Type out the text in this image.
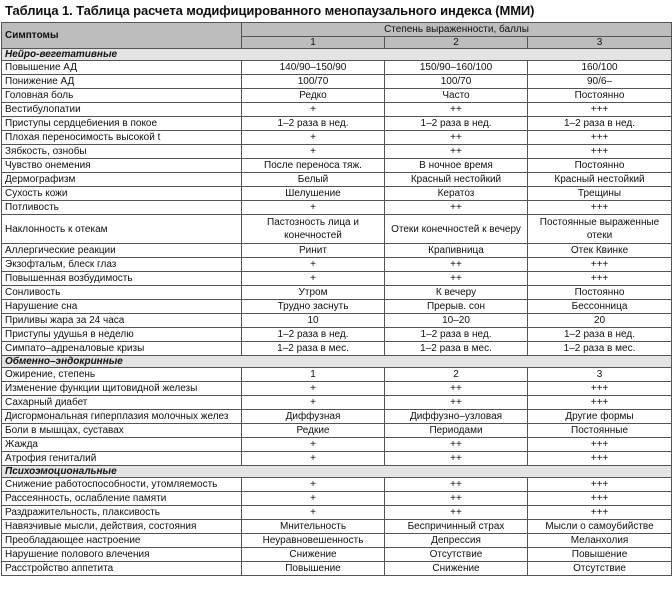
Таблица 1. Таблица расчета модифицированного менопаузального индекса (ММИ)
Симптомы	Степень выраженности, баллы		
	1	2	3
Нейро-вегетативные			
Повышение АД	140/90–150/90	150/90–160/100	160/100
Понижение АД	100/70	100/70	90/6–
Головная боль	Редко	Часто	Постоянно
Вестибулопатии	+	++	+++
Приступы сердцебиения в покое	1–2 раза в нед.	1–2 раза в нед.	1–2 раза в нед.
Плохая переносимость высокой t	+	++	+++
Зябкость, ознобы	+	++	+++
Чувство онемения	После переноса тяж.	В ночное время	Постоянно
Дермографизм	Белый	Красный нестойкий	Красный нестойкий
Сухость кожи	Шелушение	Кератоз	Трещины
Потливость	+	++	+++
Наклонность к отекам	Пастозность лица и конечностей	Отеки конечностей к вечеру	Постоянные выраженные отеки
Аллергические реакции	Ринит	Крапивница	Отек Квинке
Экзофтальм, блеск глаз	+	++	+++
Повышенная возбудимость	+	++	+++
Сонливость	Утром	К вечеру	Постоянно
Нарушение сна	Трудно заснуть	Прерыв. сон	Бессонница
Приливы жара за 24 часа	10	10–20	20
Приступы удушья в неделю	1–2 раза в нед.	1–2 раза в нед.	1–2 раза в нед.
Симпато–адреналовые кризы	1–2 раза в мес.	1–2 раза в мес.	1–2 раза в мес.
Обменно–эндокринные			
Ожирение, степень	1	2	3
Изменение функции щитовидной железы	+	++	+++
Сахарный диабет	+	++	+++
Дисгормональная гиперплазия молочных желез	Диффузная	Диффузно–узловая	Другие формы
Боли в мышцах, суставах	Редкие	Периодами	Постоянные
Жажда	+	++	+++
Атрофия гениталий	+	++	+++
Психоэмоциональные			
Снижение работоспособности, утомляемость	+	++	+++
Рассеянность, ослабление памяти	+	++	+++
Раздражительность, плаксивость	+	++	+++
Навязчивые мысли, действия, состояния	Мнительность	Беспричинный страх	Мысли о самоубийстве
Преобладающее настроение	Неуравновешенность	Депрессия	Меланхолия
Нарушение полового влечения	Снижение	Отсутствие	Повышение
Расстройство аппетита	Повышение	Снижение	Отсутствие
